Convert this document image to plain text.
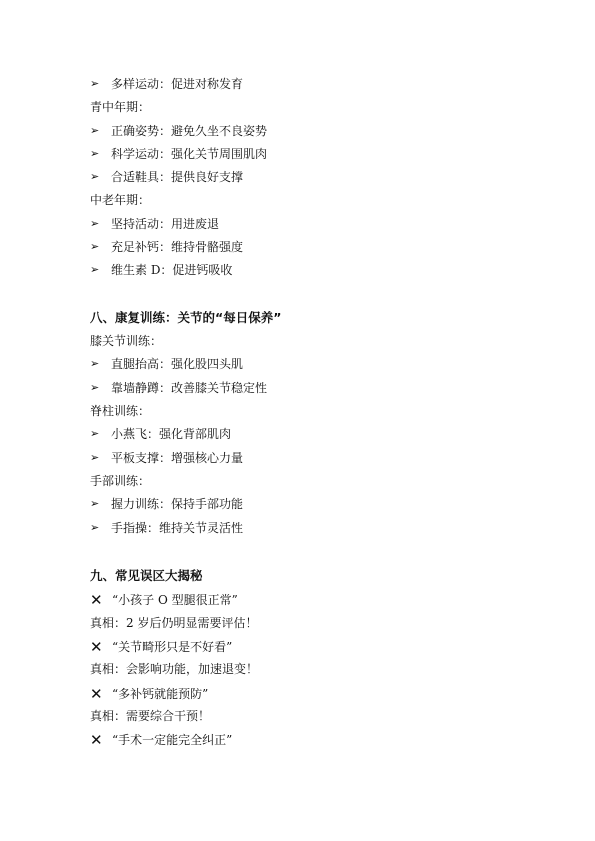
➢ 多样运动：促进对称发育
青中年期：
➢ 正确姿势：避免久坐不良姿势
➢ 科学运动：强化关节周围肌肉
➢ 合适鞋具：提供良好支撑
中老年期：
➢ 坚持活动：用进废退
➢ 充足补钙：维持骨骼强度
➢ 维生素 D：促进钙吸收
八、康复训练：关节的“每日保养”
膝关节训练：
➢ 直腿抬高：强化股四头肌
➢ 靠墙静蹲：改善膝关节稳定性
脊柱训练：
➢ 小燕飞：强化背部肌肉
➢ 平板支撑：增强核心力量
手部训练：
➢ 握力训练：保持手部功能
➢ 手指操：维持关节灵活性
九、常见误区大揭秘
✕ “小孩子 O 型腿很正常”
真相：2 岁后仍明显需要评估！
✕ “关节畸形只是不好看”
真相：会影响功能，加速退变！
✕ “多补钙就能预防”
真相：需要综合干预！
✕ “手术一定能完全纠正”
